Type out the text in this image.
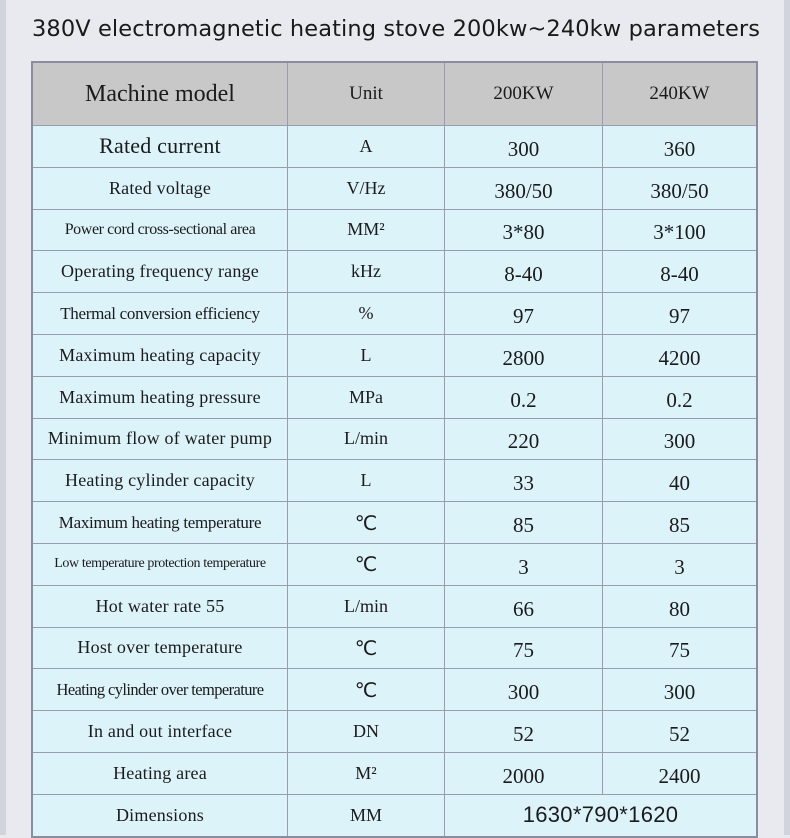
380V electromagnetic heating stove 200kw~240kw parameters
Machine model	Unit	200KW	240KW
Rated current	A	300	360
Rated voltage	V/Hz	380/50	380/50
Power cord cross-sectional area	MM²	3*80	3*100
Operating frequency range	kHz	8-40	8-40
Thermal conversion efficiency	%	97	97
Maximum heating capacity	L	2800	4200
Maximum heating pressure	MPa	0.2	0.2
Minimum flow of water pump	L/min	220	300
Heating cylinder capacity	L	33	40
Maximum heating temperature	℃	85	85
Low temperature protection temperature	℃	3	3
Hot water rate 55	L/min	66	80
Host over temperature	℃	75	75
Heating cylinder over temperature	℃	300	300
In and out interface	DN	52	52
Heating area	M²	2000	2400
Dimensions	MM	1630*790*1620
